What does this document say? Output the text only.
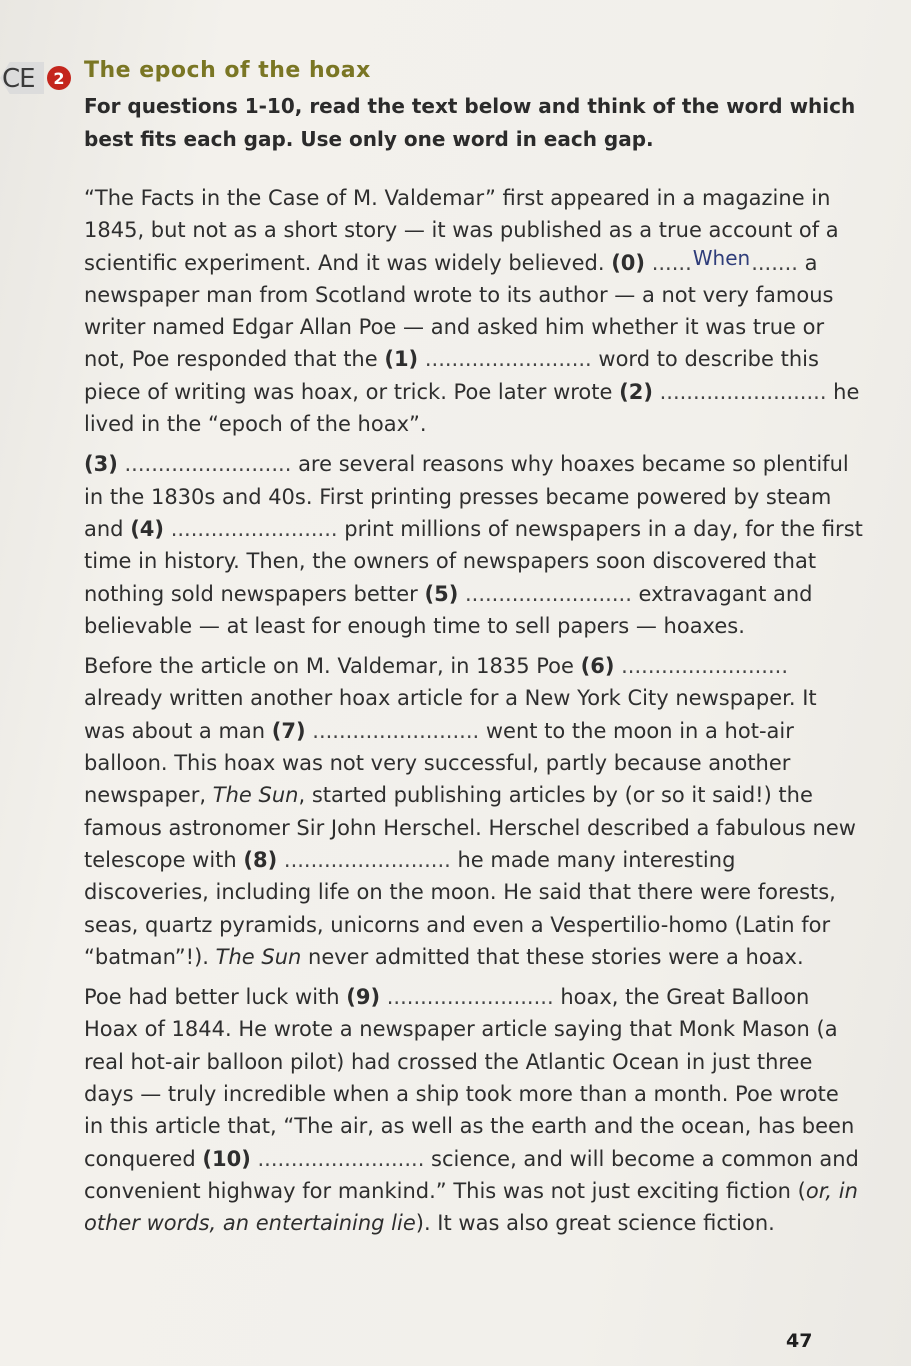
CE	2 The epoch of the hoax
For questions 1-10, read the text below and think of the word which best fits each gap. Use only one word in each gap.

“The Facts in the Case of M. Valdemar” first appeared in a magazine in 1845, but not as a short story — it was published as a true account of a scientific experiment. And it was widely believed. (0) ......When....... a newspaper man from Scotland wrote to its author — a not very famous writer named Edgar Allan Poe — and asked him whether it was true or not, Poe responded that the (1) ......................... word to describe this piece of writing was hoax, or trick. Poe later wrote (2) ......................... he lived in the “epoch of the hoax”.

(3) ......................... are several reasons why hoaxes became so plentiful in the 1830s and 40s. First printing presses became powered by steam and (4) ......................... print millions of newspapers in a day, for the first time in history. Then, the owners of newspapers soon discovered that nothing sold newspapers better (5) ......................... extravagant and believable — at least for enough time to sell papers — hoaxes.

Before the article on M. Valdemar, in 1835 Poe (6) ......................... already written another hoax article for a New York City newspaper. It was about a man (7) ......................... went to the moon in a hot-air balloon. This hoax was not very successful, partly because another newspaper, The Sun, started publishing articles by (or so it said!) the famous astronomer Sir John Herschel. Herschel described a fabulous new telescope with (8) ......................... he made many interesting discoveries, including life on the moon. He said that there were forests, seas, quartz pyramids, unicorns and even a Vespertilio-homo (Latin for “batman”!). The Sun never admitted that these stories were a hoax.

Poe had better luck with (9) ......................... hoax, the Great Balloon Hoax of 1844. He wrote a newspaper article saying that Monk Mason (a real hot-air balloon pilot) had crossed the Atlantic Ocean in just three days — truly incredible when a ship took more than a month. Poe wrote in this article that, “The air, as well as the earth and the ocean, has been conquered (10) ......................... science, and will become a common and convenient highway for mankind.” This was not just exciting fiction (or, in other words, an entertaining lie). It was also great science fiction.

47
